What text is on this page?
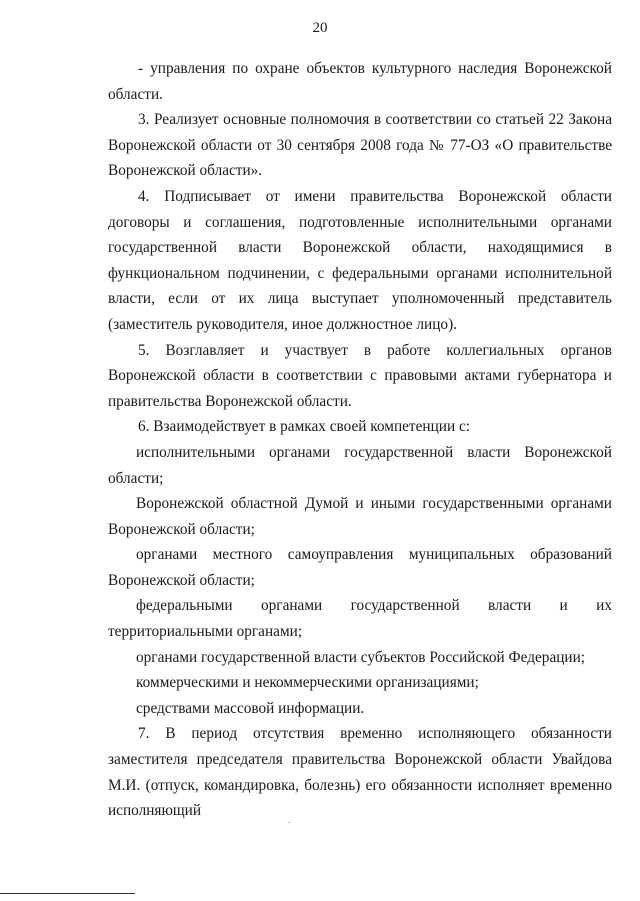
20

- управления по охране объектов культурного наследия Воронежской области.

3. Реализует основные полномочия в соответствии со статьей 22 Закона Воронежской области от 30 сентября 2008 года № 77-ОЗ «О правительстве Воронежской области».

4. Подписывает от имени правительства Воронежской области договоры и соглашения, подготовленные исполнительными органами государственной власти Воронежской области, находящимися в функциональном подчинении, с федеральными органами исполнительной власти, если от их лица выступает уполномоченный представитель (заместитель руководителя, иное должностное лицо).

5. Возглавляет и участвует в работе коллегиальных органов Воронежской области в соответствии с правовыми актами губернатора и правительства Воронежской области.

6. Взаимодействует в рамках своей компетенции с:

исполнительными органами государственной власти Воронежской области;

Воронежской областной Думой и иными государственными органами Воронежской области;

органами местного самоуправления муниципальных образований Воронежской области;

федеральными органами государственной власти и их территориальными органами;

органами государственной власти субъектов Российской Федерации;

коммерческими и некоммерческими организациями;

средствами массовой информации.

7. В период отсутствия временно исполняющего обязанности заместителя председателя правительства Воронежской области Увайдова М.И. (отпуск, командировка, болезнь) его обязанности исполняет временно исполняющий
